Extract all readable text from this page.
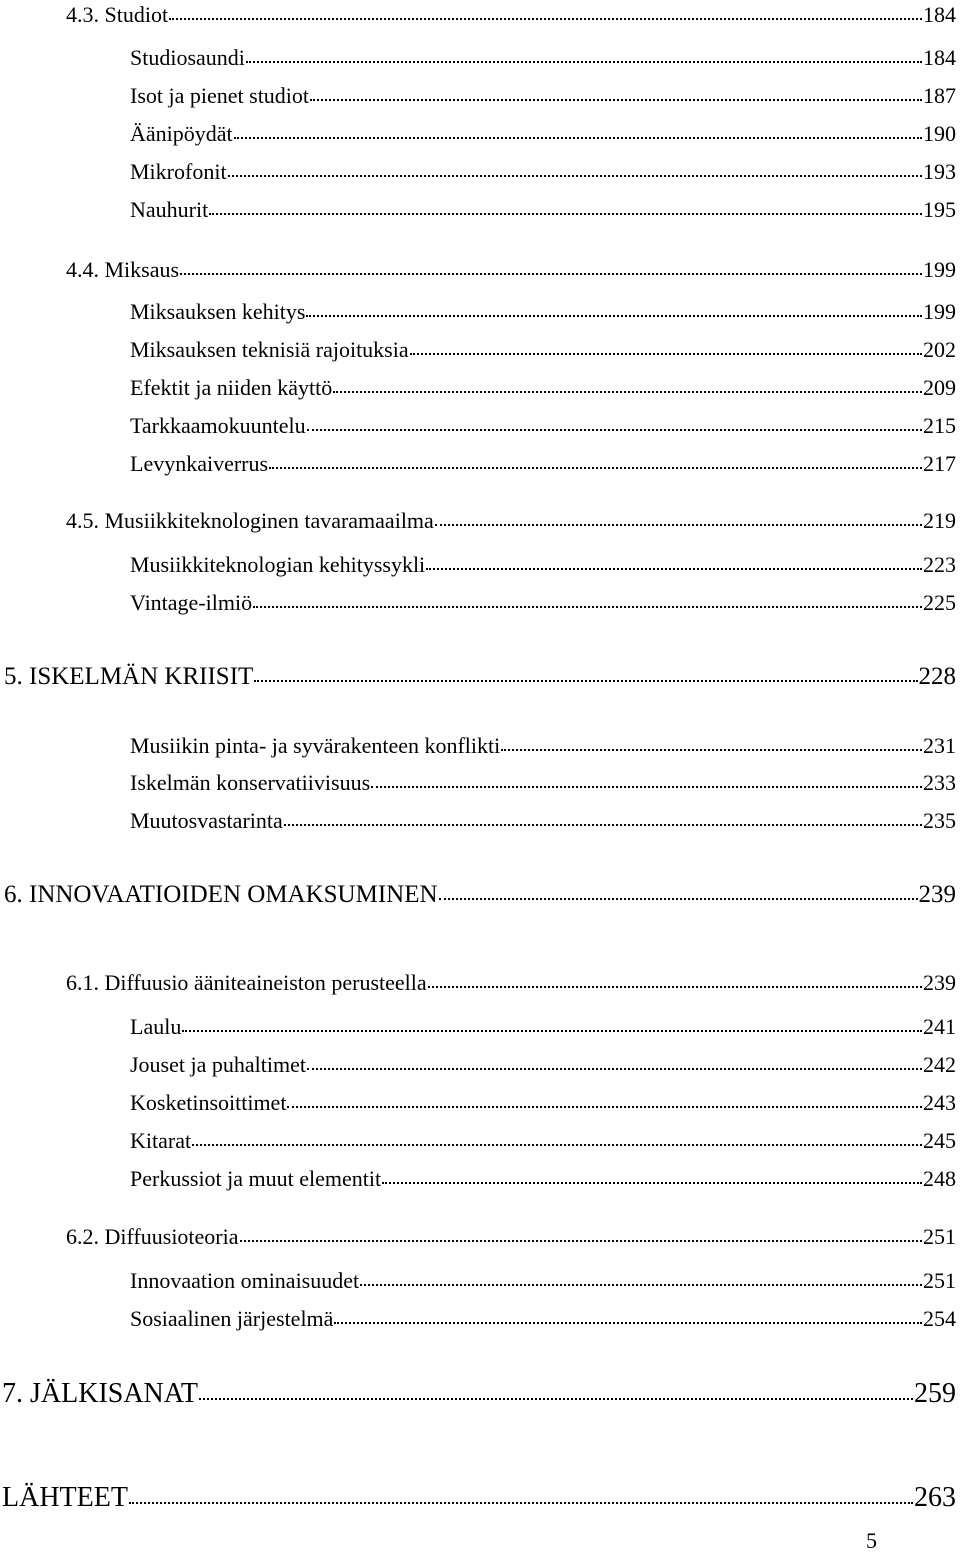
4.3. Studiot	184
Studiosaundi	184
Isot ja pienet studiot	187
Äänipöydät	190
Mikrofonit	193
Nauhurit	195
4.4. Miksaus	199
Miksauksen kehitys	199
Miksauksen teknisiä rajoituksia	202
Efektit ja niiden käyttö	209
Tarkkaamokuuntelu	215
Levynkaiverrus	217
4.5. Musiikkiteknologinen tavaramaailma	219
Musiikkiteknologian kehityssykli	223
Vintage-ilmiö	225
5. ISKELMÄN KRIISIT	228
Musiikin pinta- ja syvärakenteen konflikti	231
Iskelmän konservatiivisuus	233
Muutosvastarinta	235
6. INNOVAATIOIDEN OMAKSUMINEN	239
6.1. Diffuusio ääniteaineiston perusteella	239
Laulu	241
Jouset ja puhaltimet	242
Kosketinsoittimet	243
Kitarat	245
Perkussiot ja muut elementit	248
6.2. Diffuusioteoria	251
Innovaation ominaisuudet	251
Sosiaalinen järjestelmä	254
7. JÄLKISANAT	259
LÄHTEET	263
5
